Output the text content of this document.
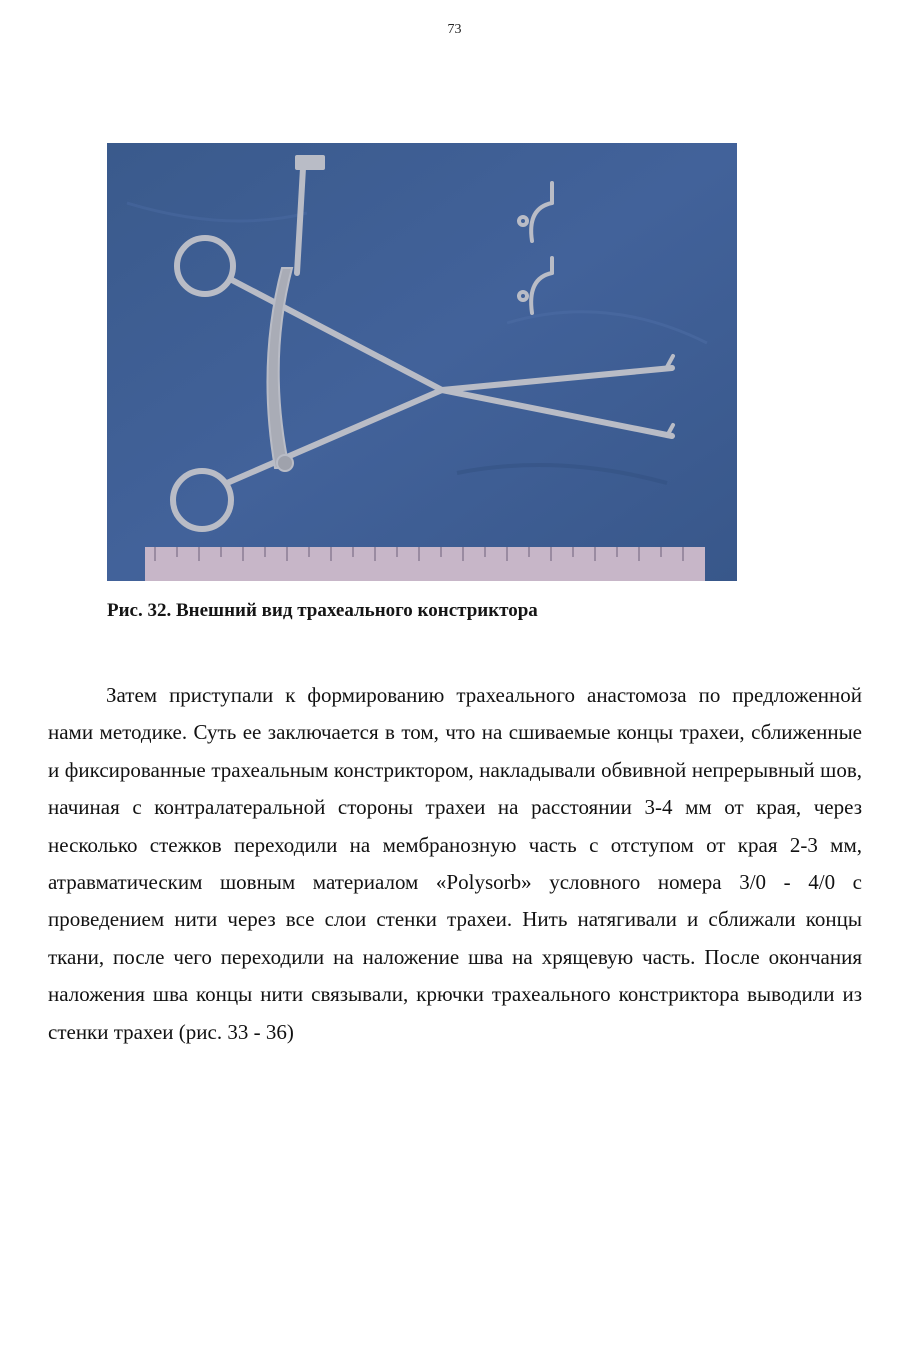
73
Рис. 32. Внешний вид трахеального констриктора

Затем приступали к формированию трахеального анастомоза по предложенной нами методике. Суть ее заключается в том, что на сшиваемые концы трахеи, сближенные и фиксированные трахеальным констриктором, накладывали обвивной непрерывный шов, начиная с контралатеральной стороны трахеи на расстоянии 3-4 мм от края, через несколько стежков переходили на мембранозную часть с отступом от края 2-3 мм, атравматическим шовным материалом «Polysorb» условного номера 3/0 - 4/0 с проведением нити через все слои стенки трахеи. Нить натягивали и сближали концы ткани, после чего переходили на наложение шва на хрящевую часть. После окончания наложения шва концы нити связывали, крючки трахеального констриктора выводили из стенки трахеи (рис. 33 - 36)
